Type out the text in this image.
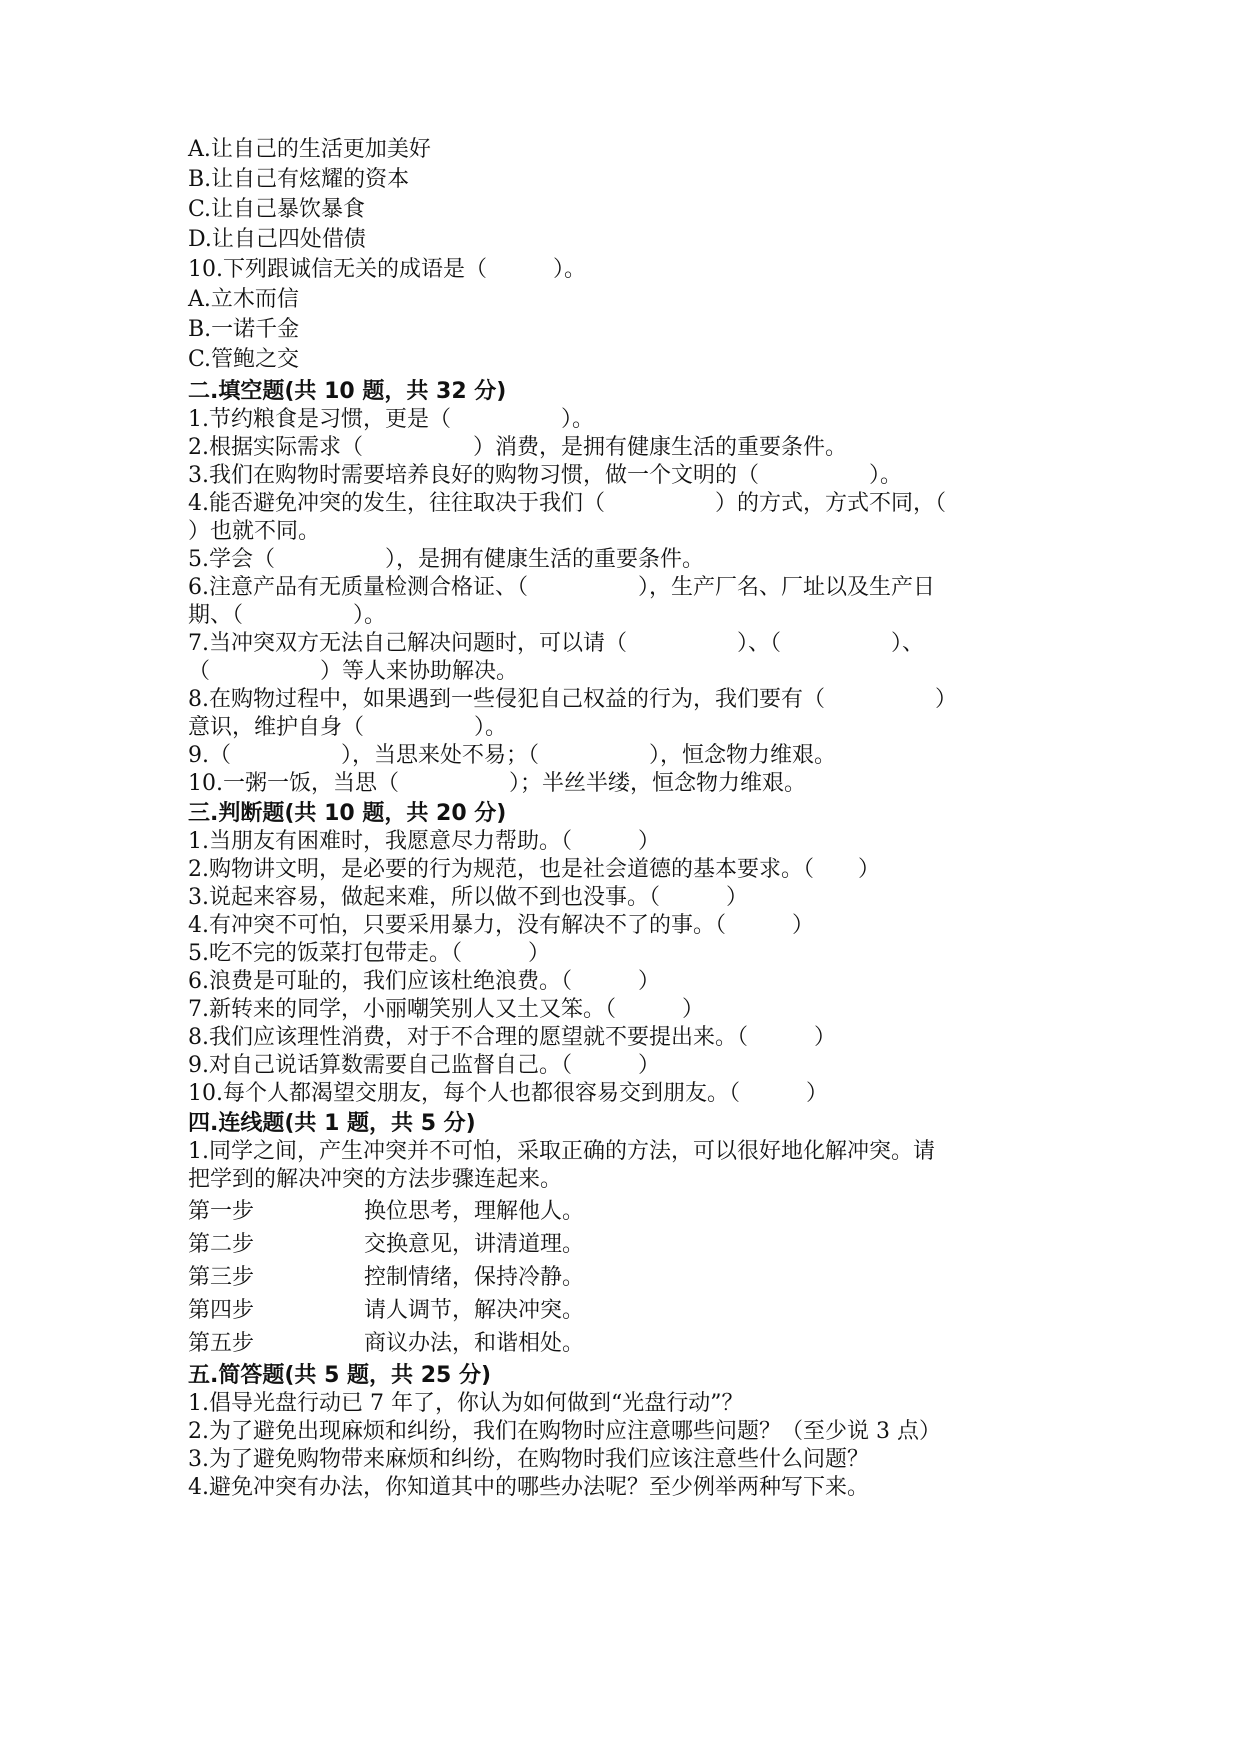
A.让自己的生活更加美好
B.让自己有炫耀的资本
C.让自己暴饮暴食
D.让自己四处借债
10.下列跟诚信无关的成语是（　　　）。
A.立木而信
B.一诺千金
C.管鲍之交
二.填空题(共 10 题，共 32 分)
1.节约粮食是习惯，更是（　　　　　）。
2.根据实际需求（　　　　　）消费，是拥有健康生活的重要条件。
3.我们在购物时需要培养良好的购物习惯，做一个文明的（　　　　　）。
4.能否避免冲突的发生，往往取决于我们（　　　　　）的方式，方式不同，（
）也就不同。
5.学会（　　　　　），是拥有健康生活的重要条件。
6.注意产品有无质量检测合格证、（　　　　　），生产厂名、厂址以及生产日
期、（　　　　　）。
7.当冲突双方无法自己解决问题时，可以请（　　　　　）、（　　　　　）、
（　　　　　）等人来协助解决。
8.在购物过程中，如果遇到一些侵犯自己权益的行为，我们要有（　　　　　）
意识，维护自身（　　　　　）。
9.（　　　　　），当思来处不易；（　　　　　），恒念物力维艰。
10.一粥一饭，当思（　　　　　）；半丝半缕，恒念物力维艰。
三.判断题(共 10 题，共 20 分)
1.当朋友有困难时，我愿意尽力帮助。（　　　）
2.购物讲文明，是必要的行为规范，也是社会道德的基本要求。（　　）
3.说起来容易，做起来难，所以做不到也没事。（　　　）
4.有冲突不可怕，只要采用暴力，没有解决不了的事。（　　　）
5.吃不完的饭菜打包带走。（　　　）
6.浪费是可耻的，我们应该杜绝浪费。（　　　）
7.新转来的同学，小丽嘲笑别人又土又笨。（　　　）
8.我们应该理性消费，对于不合理的愿望就不要提出来。（　　　）
9.对自己说话算数需要自己监督自己。（　　　）
10.每个人都渴望交朋友，每个人也都很容易交到朋友。（　　　）
四.连线题(共 1 题，共 5 分)
1.同学之间，产生冲突并不可怕，采取正确的方法，可以很好地化解冲突。请
把学到的解决冲突的方法步骤连起来。
第一步	换位思考，理解他人。
第二步	交换意见，讲清道理。
第三步	控制情绪，保持冷静。
第四步	请人调节，解决冲突。
第五步	商议办法，和谐相处。
五.简答题(共 5 题，共 25 分)
1.倡导光盘行动已 7 年了，你认为如何做到“光盘行动”？
2.为了避免出现麻烦和纠纷，我们在购物时应注意哪些问题？（至少说 3 点）
3.为了避免购物带来麻烦和纠纷，在购物时我们应该注意些什么问题？
4.避免冲突有办法，你知道其中的哪些办法呢？至少例举两种写下来。
